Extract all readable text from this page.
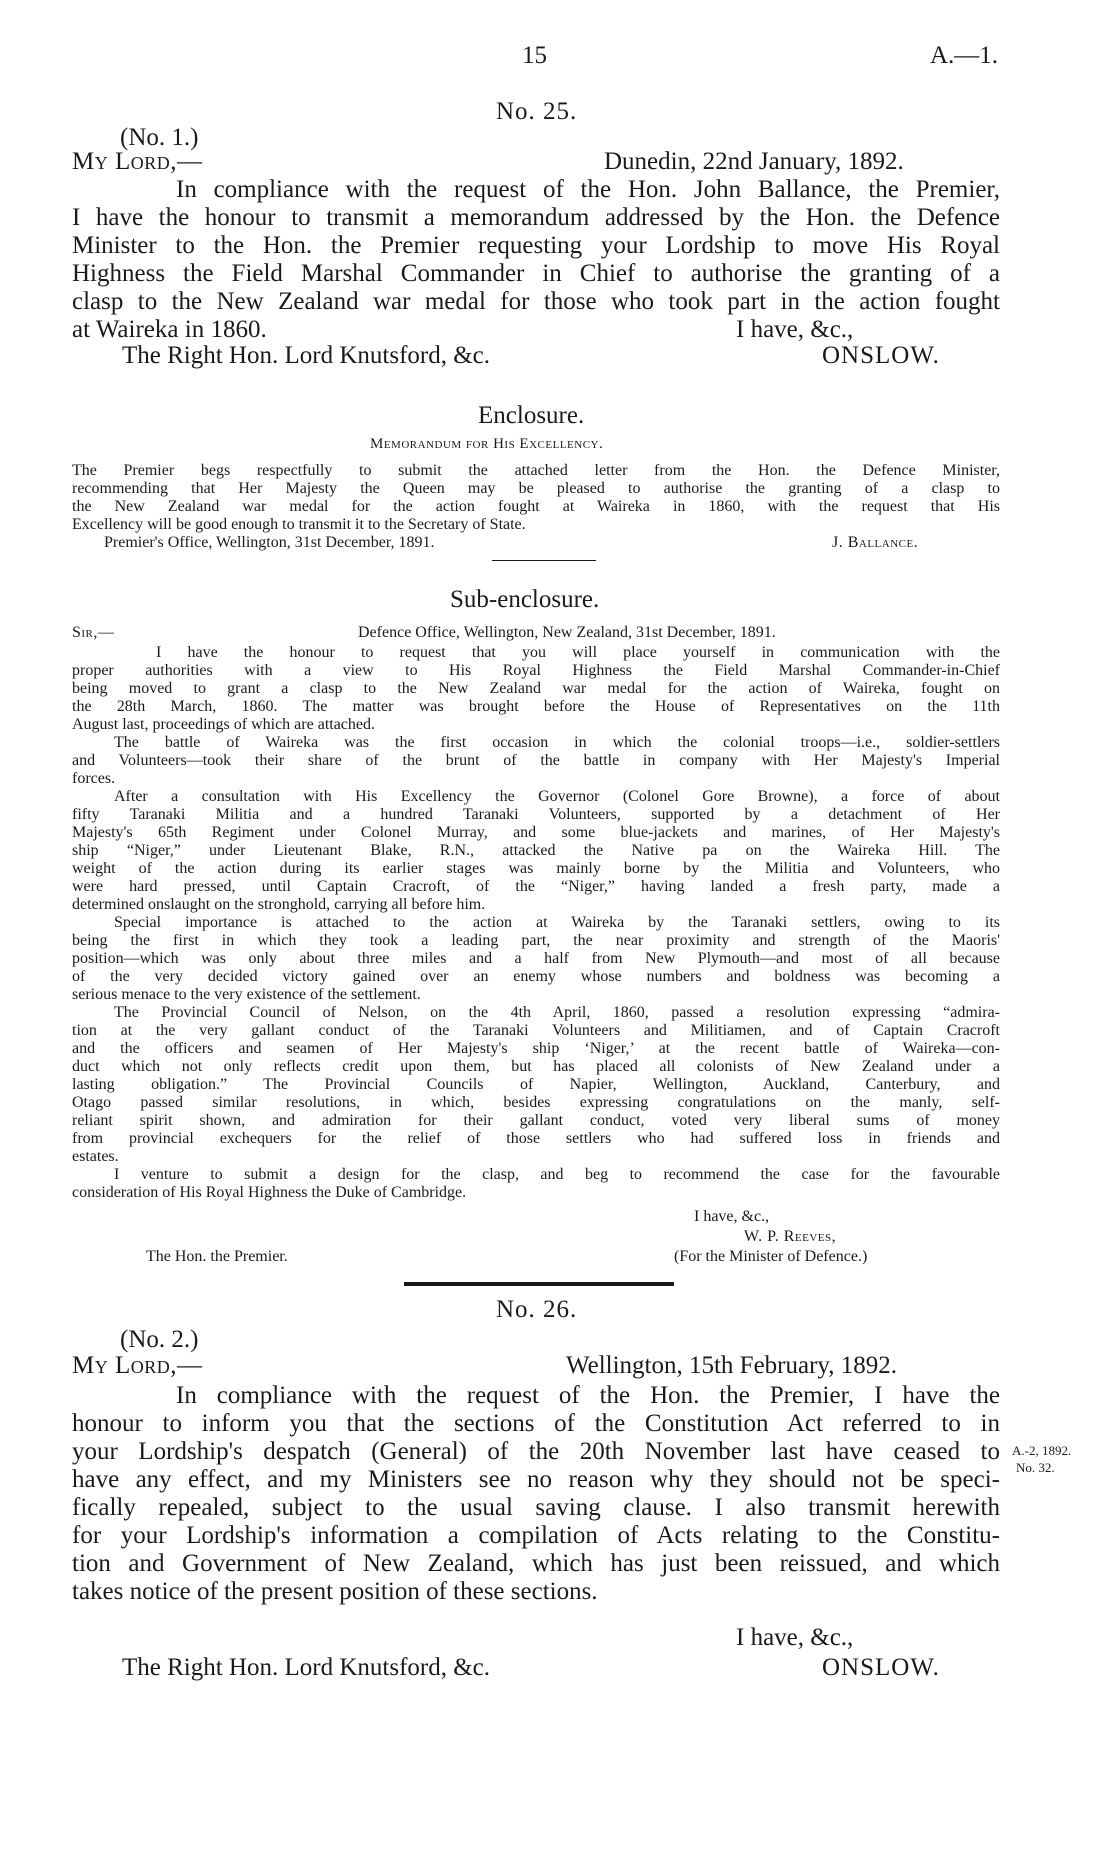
15	A.—1.
No. 25.
(No. 1.)
My Lord,—	Dunedin, 22nd January, 1892.
In compliance with the request of the Hon. John Ballance, the Premier,
I have the honour to transmit a memorandum addressed by the Hon. the Defence
Minister to the Hon. the Premier requesting your Lordship to move His Royal
Highness the Field Marshal Commander in Chief to authorise the granting of a
clasp to the New Zealand war medal for those who took part in the action fought
at Waireka in 1860.	I have, &c.,
The Right Hon. Lord Knutsford, &c.	ONSLOW.
Enclosure.
Memorandum for His Excellency.
The Premier begs respectfully to submit the attached letter from the Hon. the Defence Minister,
recommending that Her Majesty the Queen may be pleased to authorise the granting of a clasp to
the New Zealand war medal for the action fought at Waireka in 1860, with the request that His
Excellency will be good enough to transmit it to the Secretary of State.
Premier's Office, Wellington, 31st December, 1891.	J. Ballance.
Sub-enclosure.
Sir,—	Defence Office, Wellington, New Zealand, 31st December, 1891.
I have the honour to request that you will place yourself in communication with the
proper authorities with a view to His Royal Highness the Field Marshal Commander-in-Chief
being moved to grant a clasp to the New Zealand war medal for the action of Waireka, fought on
the 28th March, 1860. The matter was brought before the House of Representatives on the 11th
August last, proceedings of which are attached.
The battle of Waireka was the first occasion in which the colonial troops—i.e., soldier-settlers
and Volunteers—took their share of the brunt of the battle in company with Her Majesty's Imperial
forces.
After a consultation with His Excellency the Governor (Colonel Gore Browne), a force of about
fifty Taranaki Militia and a hundred Taranaki Volunteers, supported by a detachment of Her
Majesty's 65th Regiment under Colonel Murray, and some blue-jackets and marines, of Her Majesty's
ship “Niger,” under Lieutenant Blake, R.N., attacked the Native pa on the Waireka Hill. The
weight of the action during its earlier stages was mainly borne by the Militia and Volunteers, who
were hard pressed, until Captain Cracroft, of the “Niger,” having landed a fresh party, made a
determined onslaught on the stronghold, carrying all before him.
Special importance is attached to the action at Waireka by the Taranaki settlers, owing to its
being the first in which they took a leading part, the near proximity and strength of the Maoris'
position—which was only about three miles and a half from New Plymouth—and most of all because
of the very decided victory gained over an enemy whose numbers and boldness was becoming a
serious menace to the very existence of the settlement.
The Provincial Council of Nelson, on the 4th April, 1860, passed a resolution expressing “admira-
tion at the very gallant conduct of the Taranaki Volunteers and Militiamen, and of Captain Cracroft
and the officers and seamen of Her Majesty's ship ‘Niger,’ at the recent battle of Waireka—con-
duct which not only reflects credit upon them, but has placed all colonists of New Zealand under a
lasting obligation.” The Provincial Councils of Napier, Wellington, Auckland, Canterbury, and
Otago passed similar resolutions, in which, besides expressing congratulations on the manly, self-
reliant spirit shown, and admiration for their gallant conduct, voted very liberal sums of money
from provincial exchequers for the relief of those settlers who had suffered loss in friends and
estates.
I venture to submit a design for the clasp, and beg to recommend the case for the favourable
consideration of His Royal Highness the Duke of Cambridge.
I have, &c.,
W. P. Reeves,
The Hon. the Premier.	(For the Minister of Defence.)
No. 26.
(No. 2.)
My Lord,—	Wellington, 15th February, 1892.
In compliance with the request of the Hon. the Premier, I have the
honour to inform you that the sections of the Constitution Act referred to in
your Lordship's despatch (General) of the 20th November last have ceased to
have any effect, and my Ministers see no reason why they should not be speci-
fically repealed, subject to the usual saving clause. I also transmit herewith
for your Lordship's information a compilation of Acts relating to the Constitu-
tion and Government of New Zealand, which has just been reissued, and which
takes notice of the present position of these sections.
A.-2, 1892.
No. 32.
I have, &c.,
The Right Hon. Lord Knutsford, &c.	ONSLOW.
